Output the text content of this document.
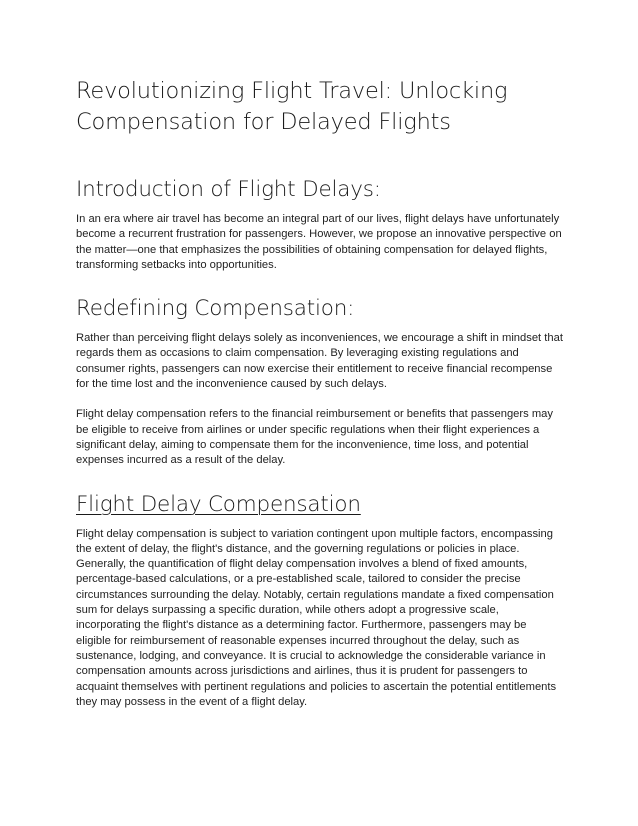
Revolutionizing Flight Travel: Unlocking Compensation for Delayed Flights
Introduction of Flight Delays:

In an era where air travel has become an integral part of our lives, flight delays have unfortunately become a recurrent frustration for passengers. However, we propose an innovative perspective on the matter—one that emphasizes the possibilities of obtaining compensation for delayed flights, transforming setbacks into opportunities.

Redefining Compensation:

Rather than perceiving flight delays solely as inconveniences, we encourage a shift in mindset that regards them as occasions to claim compensation. By leveraging existing regulations and consumer rights, passengers can now exercise their entitlement to receive financial recompense for the time lost and the inconvenience caused by such delays.

Flight delay compensation refers to the financial reimbursement or benefits that passengers may be eligible to receive from airlines or under specific regulations when their flight experiences a significant delay, aiming to compensate them for the inconvenience, time loss, and potential expenses incurred as a result of the delay.

Flight Delay Compensation

Flight delay compensation is subject to variation contingent upon multiple factors, encompassing the extent of delay, the flight's distance, and the governing regulations or policies in place. Generally, the quantification of flight delay compensation involves a blend of fixed amounts, percentage-based calculations, or a pre-established scale, tailored to consider the precise circumstances surrounding the delay. Notably, certain regulations mandate a fixed compensation sum for delays surpassing a specific duration, while others adopt a progressive scale, incorporating the flight's distance as a determining factor. Furthermore, passengers may be eligible for reimbursement of reasonable expenses incurred throughout the delay, such as sustenance, lodging, and conveyance. It is crucial to acknowledge the considerable variance in compensation amounts across jurisdictions and airlines, thus it is prudent for passengers to acquaint themselves with pertinent regulations and policies to ascertain the potential entitlements they may possess in the event of a flight delay.
